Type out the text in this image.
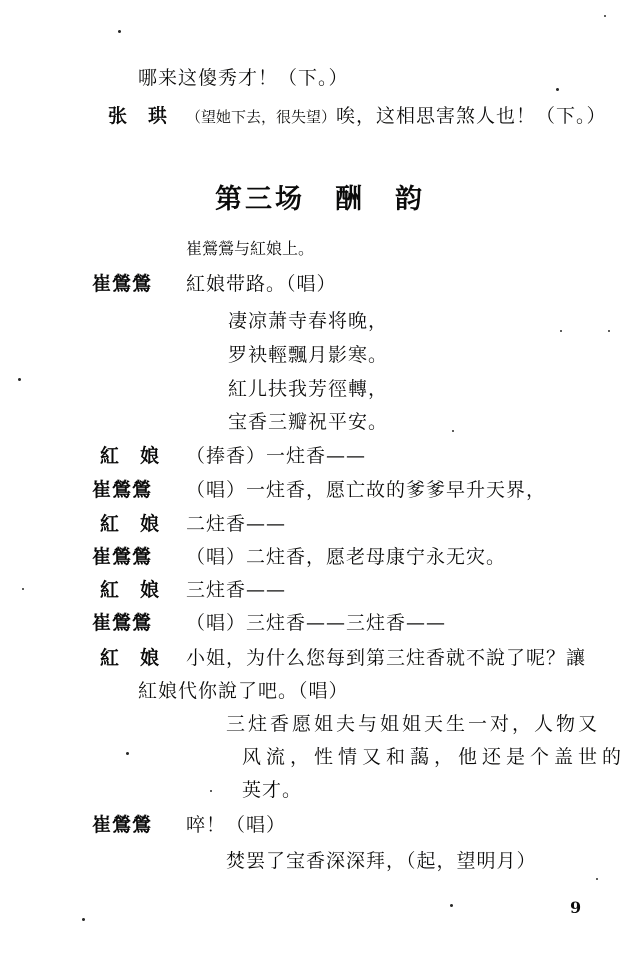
哪来这傻秀才！（下。）
张　珙 （望她下去，很失望）唉，这相思害煞人也！（下。）
第三场　酬　韵
崔鶯鶯与紅娘上。
崔鶯鶯 紅娘带路。（唱）
凄凉萧寺春将晚，
罗袂輕飄月影寒。
紅儿扶我芳徑轉，
宝香三瓣祝平安。
紅　娘 （捧香）一炷香——
崔鶯鶯 （唱）一炷香，愿亡故的爹爹早升天界，
紅　娘 二炷香——
崔鶯鶯 （唱）二炷香，愿老母康宁永无灾。
紅　娘 三炷香——
崔鶯鶯 （唱）三炷香——三炷香——
紅　娘 小姐，为什么您每到第三炷香就不說了呢？讓
紅娘代你說了吧。（唱）
三炷香愿姐夫与姐姐天生一对，人物又
风流，性情又和藹，他还是个盖世的
英才。
崔鶯鶯 啐！（唱）
焚罢了宝香深深拜，（起，望明月）
9
